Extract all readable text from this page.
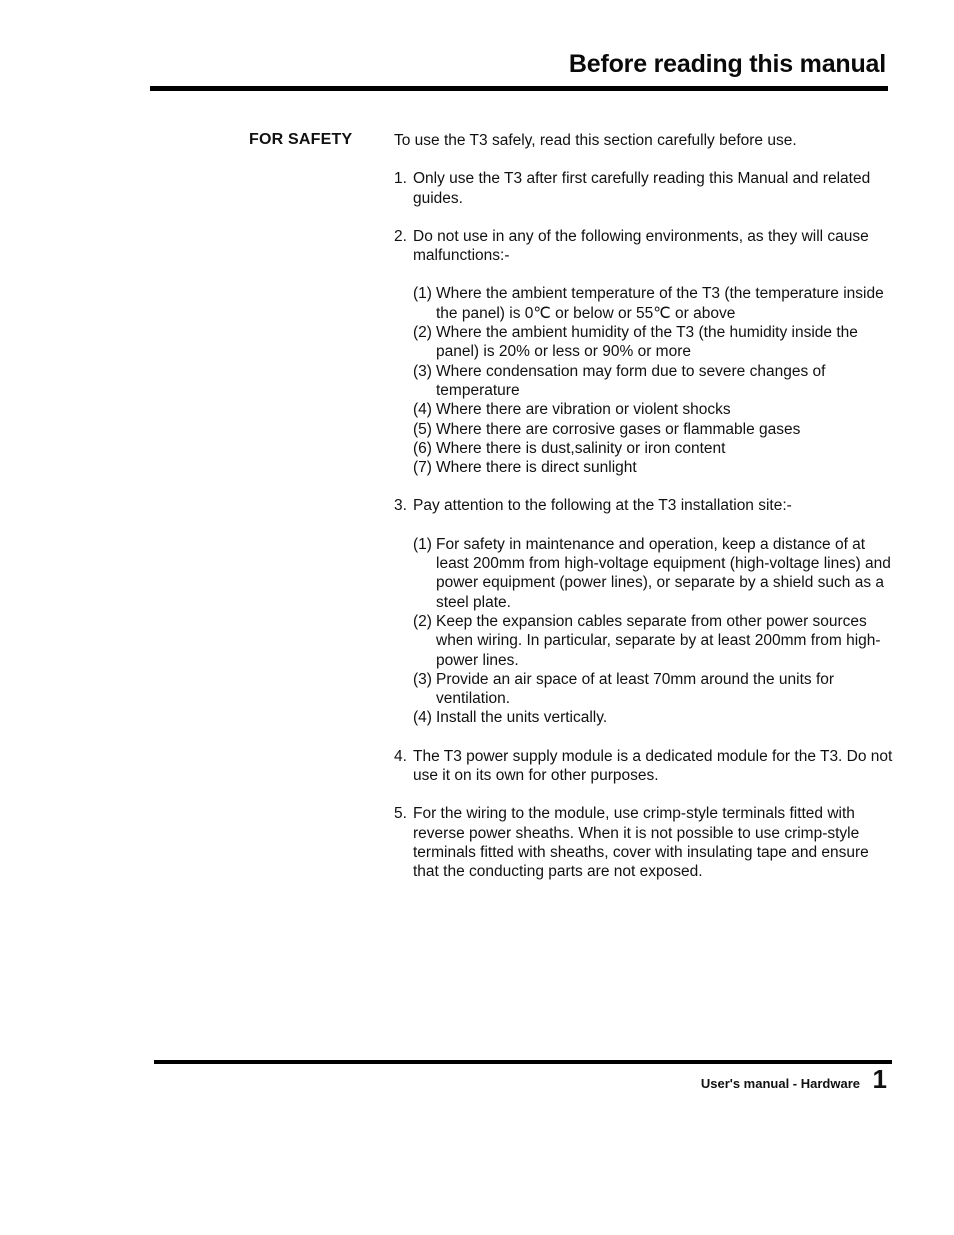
Before reading this manual
FOR SAFETY	To use the T3 safely, read this section carefully before use.
1. Only use the T3 after first carefully reading this Manual and related guides.
2. Do not use in any of the following environments, as they will cause malfunctions:-
(1) Where the ambient temperature of the T3 (the temperature inside the panel) is 0℃ or below or 55℃ or above
(2) Where the ambient humidity of the T3 (the humidity inside the panel) is 20% or less or 90% or more
(3) Where condensation may form due to severe changes of temperature
(4) Where there are vibration or violent shocks
(5) Where there are corrosive gases or flammable gases
(6) Where there is dust,salinity or iron content
(7) Where there is direct sunlight
3. Pay attention to the following at the T3 installation site:-
(1) For safety in maintenance and operation, keep a distance of at least 200mm from high-voltage equipment (high-voltage lines) and power equipment (power lines), or separate by a shield such as a steel plate.
(2) Keep the expansion cables separate from other power sources when wiring. In particular, separate by at least 200mm from high-power lines.
(3) Provide an air space of at least 70mm around the units for ventilation.
(4) Install the units vertically.
4. The T3 power supply module is a dedicated module for the T3. Do not use it on its own for other purposes.
5. For the wiring to the module, use crimp-style terminals fitted with reverse power sheaths. When it is not possible to use crimp-style terminals fitted with sheaths, cover with insulating tape and ensure that the conducting parts are not exposed.
User's manual - Hardware 1
